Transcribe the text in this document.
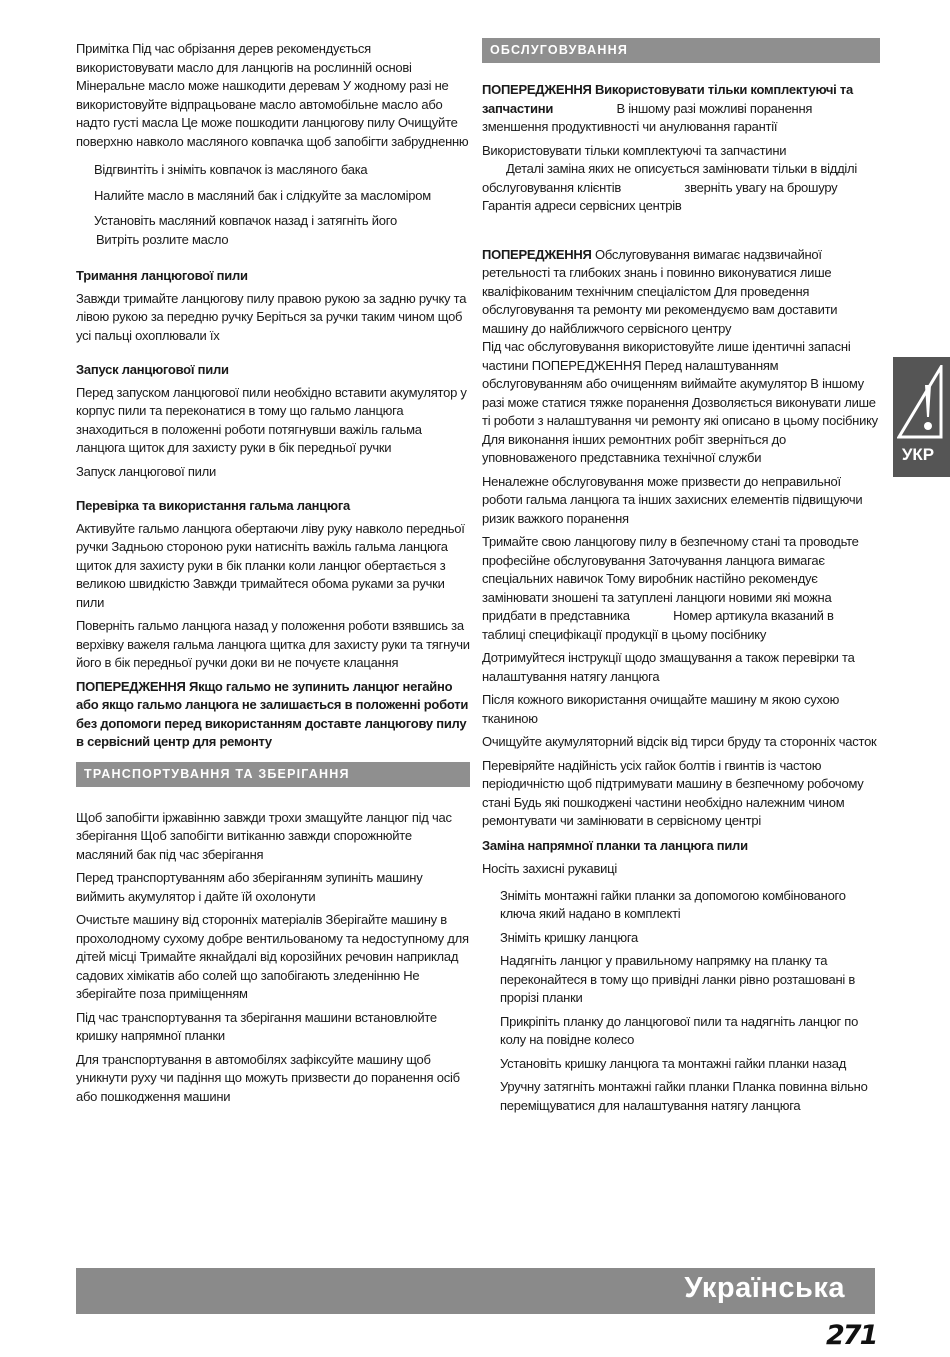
Примітка Під час обрізання дерев рекомендується використовувати масло для ланцюгів на рослинній основі Мінеральне масло може нашкодити деревам У жодному разі не використовуйте відпрацьоване масло автомобільне масло або надто густі масла Це може пошкодити ланцюгову пилу Очищуйте поверхню навколо масляного ковпачка щоб запобігти забрудненню

Відгвинтіть і зніміть ковпачок із масляного бака

Налийте масло в масляний бак і слідкуйте за масломіром

Установіть масляний ковпачок назад і затягніть його

Витріть розлите масло

Тримання ланцюгової пили

Завжди тримайте ланцюгову пилу правою рукою за задню ручку та лівою рукою за передню ручку Беріться за ручки таким чином щоб усі пальці охоплювали їх

Запуск ланцюгової пили

Перед запуском ланцюгової пили необхідно вставити акумулятор у корпус пили та переконатися в тому що гальмо ланцюга знаходиться в положенні роботи потягнувши важіль гальма ланцюга щиток для захисту руки в бік передньої ручки

Запуск ланцюгової пили

Перевірка та використання гальма ланцюга

Активуйте гальмо ланцюга обертаючи ліву руку навколо передньої ручки Задньою стороною руки натисніть важіль гальма ланцюга щиток для захисту руки в бік планки коли ланцюг обертається з великою швидкістю Завжди тримайтеся обома руками за ручки пили

Поверніть гальмо ланцюга назад у положення роботи взявшись за верхівку важеля гальма ланцюга щитка для захисту руки та тягнучи його в бік передньої ручки доки ви не почуєте клацання

ПОПЕРЕДЖЕННЯ Якщо гальмо не зупинить ланцюг негайно або якщо гальмо ланцюга не залишається в положенні роботи без допомоги перед використанням доставте ланцюгову пилу в сервісний центр для ремонту

ТРАНСПОРТУВАННЯ ТА ЗБЕРІГАННЯ

Щоб запобігти іржавінню завжди трохи змащуйте ланцюг під час зберігання Щоб запобігти витіканню завжди спорожнюйте масляний бак під час зберігання

Перед транспортуванням або зберіганням зупиніть машину виймить акумулятор і дайте їй охолонути

Очистьте машину від сторонніх матеріалів Зберігайте машину в прохолодному сухому добре вентильованому та недоступному для дітей місці Тримайте якнайдалі від корозійних речовин наприклад садових хімікатів або солей що запобігають зледенінню Не зберігайте поза приміщенням

Під час транспортування та зберігання машини встановлюйте кришку напрямної планки

Для транспортування в автомобілях зафіксуйте машину щоб уникнути руху чи падіння що можуть призвести до поранення осіб або пошкодження машини

ОБСЛУГОВУВАННЯ

ПОПЕРЕДЖЕННЯ Використовувати тільки комплектуючі та запчастини	В іншому разі можливі поранення зменшення продуктивності чи анулювання гарантії

Використовувати тільки комплектуючі та запчастини

Деталі заміна яких не описується замінювати тільки в відділі обслуговування клієнтів	зверніть увагу на брошуру Гарантія адреси сервісних центрів

ПОПЕРЕДЖЕННЯ Обслуговування вимагає надзвичайної ретельності та глибоких знань і повинно виконуватися лише кваліфікованим технічним спеціалістом Для проведення обслуговування та ремонту ми рекомендуємо вам доставити машину до найближчого сервісного центру

Під час обслуговування використовуйте лише ідентичні запасні частини ПОПЕРЕДЖЕННЯ Перед налаштуванням обслуговуванням або очищенням виймайте акумулятор В іншому разі може статися тяжке поранення Дозволяється виконувати лише ті роботи з налаштування чи ремонту які описано в цьому посібнику Для виконання інших ремонтних робіт зверніться до уповноваженого представника технічної служби

Неналежне обслуговування може призвести до неправильної роботи гальма ланцюга та інших захисних елементів підвищуючи ризик важкого поранення

Тримайте свою ланцюгову пилу в безпечному стані та проводьте професійне обслуговування Заточування ланцюга вимагає спеціальних навичок Тому виробник настійно рекомендує замінювати зношені та затуплені ланцюги новими які можна придбати в представника	Номер артикула вказаний в таблиці специфікації продукції в цьому посібнику

Дотримуйтеся інструкції щодо змащування а також перевірки та налаштування натягу ланцюга

Після кожного використання очищайте машину м якою сухою тканиною

Очищуйте акумуляторний відсік від тирси бруду та сторонніх часток

Перевіряйте надійність усіх гайок болтів і гвинтів із частою періодичністю щоб підтримувати машину в безпечному робочому стані Будь які пошкоджені частини необхідно належним чином ремонтувати чи замінювати в сервісному центрі

Заміна напрямної планки та ланцюга пили

Носіть захисні рукавиці

Зніміть монтажні гайки планки за допомогою комбінованого ключа який надано в комплекті

Зніміть кришку ланцюга

Надягніть ланцюг у правильному напрямку на планку та переконайтеся в тому що привідні ланки рівно розташовані в прорізі планки

Прикріпіть планку до ланцюгової пили та надягніть ланцюг по колу на повідне колесо

Установіть кришку ланцюга та монтажні гайки планки назад

Уручну затягніть монтажні гайки планки Планка повинна вільно переміщуватися для налаштування натягу ланцюга

УКР
Українська
271
